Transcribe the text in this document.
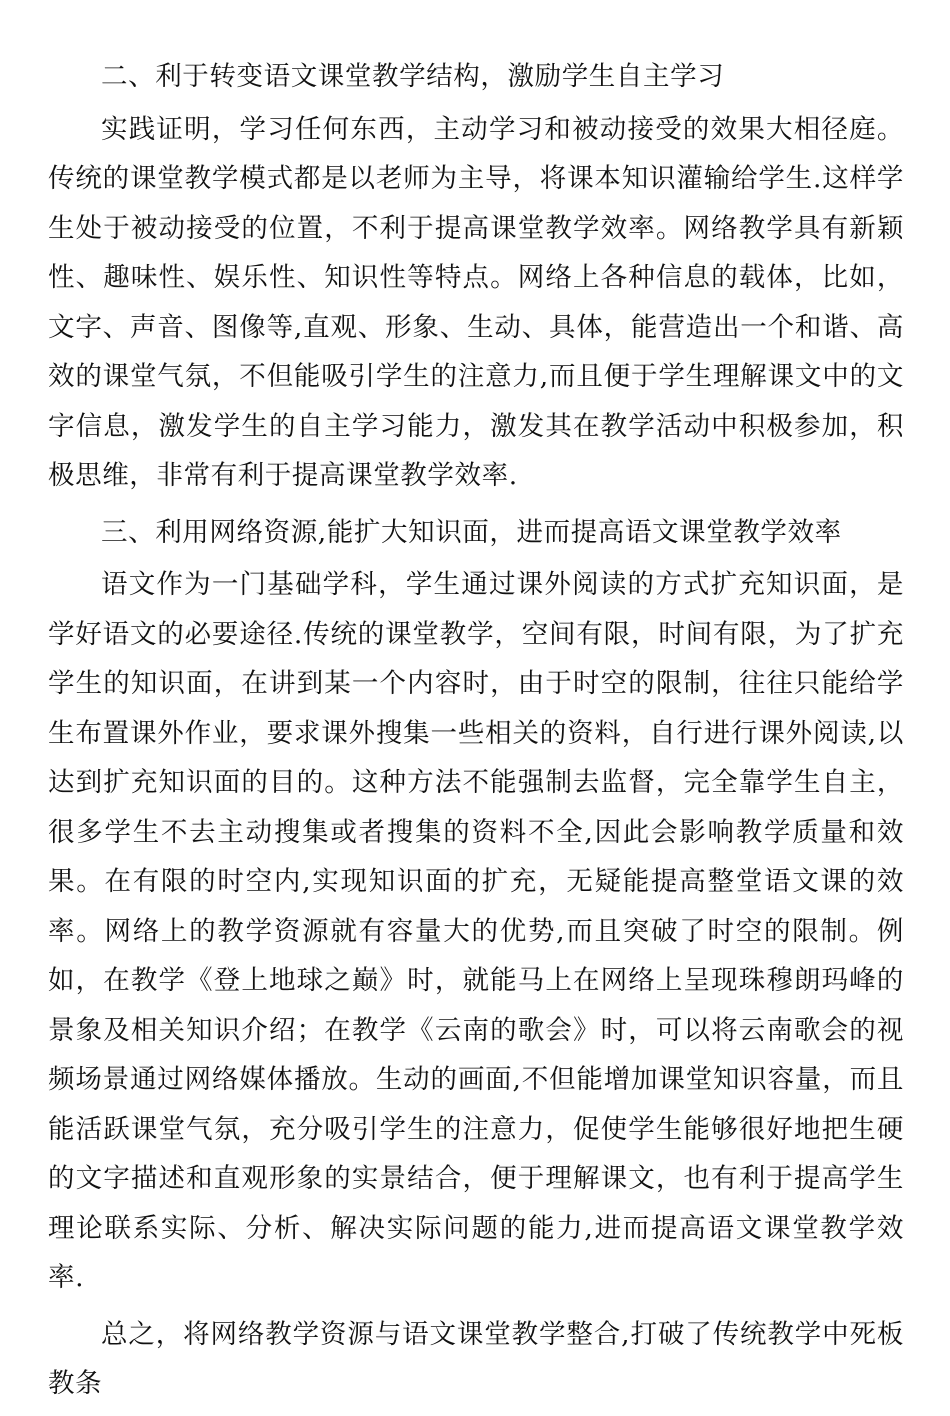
二、利于转变语文课堂教学结构，激励学生自主学习

实践证明，学习任何东西，主动学习和被动接受的效果大相径庭。传统的课堂教学模式都是以老师为主导，将课本知识灌输给学生.这样学生处于被动接受的位置，不利于提高课堂教学效率。网络教学具有新颖性、趣味性、娱乐性、知识性等特点。网络上各种信息的载体，比如，文字、声音、图像等,直观、形象、生动、具体，能营造出一个和谐、高效的课堂气氛，不但能吸引学生的注意力,而且便于学生理解课文中的文字信息，激发学生的自主学习能力，激发其在教学活动中积极参加，积极思维，非常有利于提高课堂教学效率.

三、利用网络资源,能扩大知识面，进而提高语文课堂教学效率

语文作为一门基础学科，学生通过课外阅读的方式扩充知识面，是学好语文的必要途径.传统的课堂教学，空间有限，时间有限，为了扩充学生的知识面，在讲到某一个内容时，由于时空的限制，往往只能给学生布置课外作业，要求课外搜集一些相关的资料，自行进行课外阅读,以达到扩充知识面的目的。这种方法不能强制去监督，完全靠学生自主，很多学生不去主动搜集或者搜集的资料不全,因此会影响教学质量和效果。在有限的时空内,实现知识面的扩充，无疑能提高整堂语文课的效率。网络上的教学资源就有容量大的优势,而且突破了时空的限制。例如，在教学《登上地球之巅》时，就能马上在网络上呈现珠穆朗玛峰的景象及相关知识介绍；在教学《云南的歌会》时，可以将云南歌会的视频场景通过网络媒体播放。生动的画面,不但能增加课堂知识容量，而且能活跃课堂气氛，充分吸引学生的注意力，促使学生能够很好地把生硬的文字描述和直观形象的实景结合，便于理解课文，也有利于提高学生理论联系实际、分析、解决实际问题的能力,进而提高语文课堂教学效率.

总之，将网络教学资源与语文课堂教学整合,打破了传统教学中死板教条
